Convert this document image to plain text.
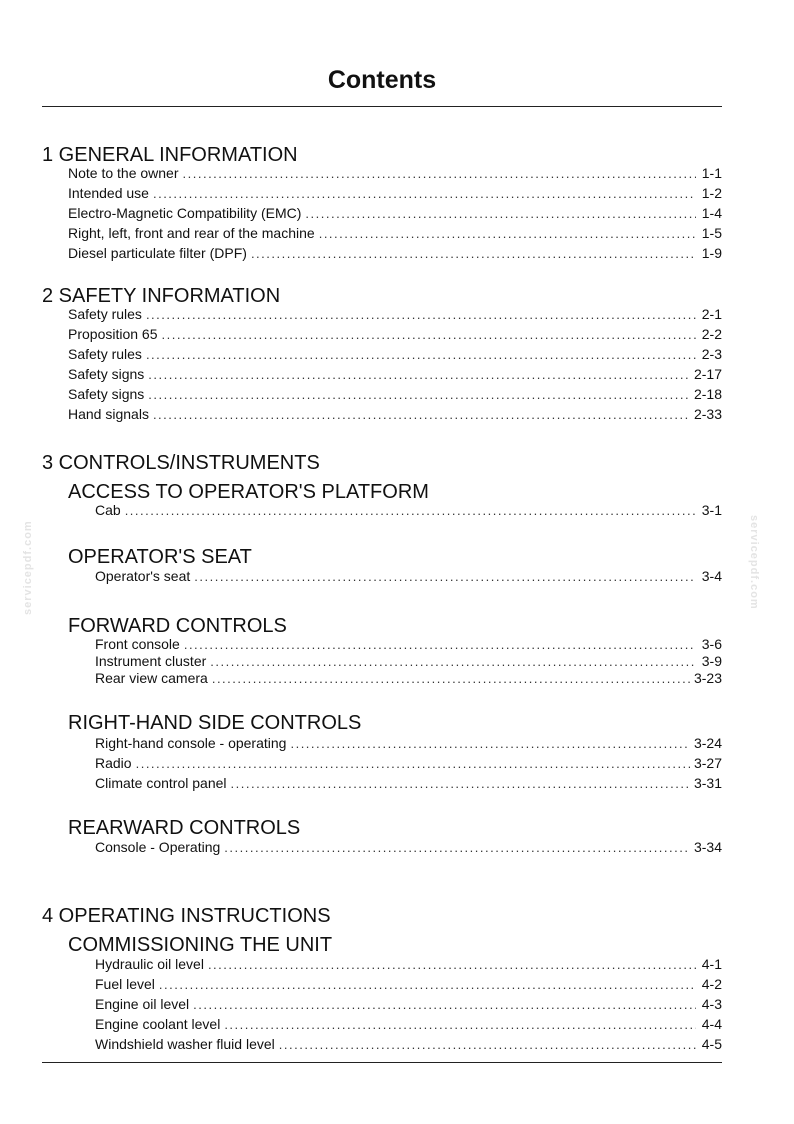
Contents
1 GENERAL INFORMATION
2 SAFETY INFORMATION
3 CONTROLS/INSTRUMENTS
ACCESS TO OPERATOR'S PLATFORM
OPERATOR'S SEAT
FORWARD CONTROLS
RIGHT-HAND SIDE CONTROLS
REARWARD CONTROLS
4 OPERATING INSTRUCTIONS
COMMISSIONING THE UNIT
Note to the owner .....	1-1
Intended use .....	1-2
Electro-Magnetic Compatibility (EMC) .....	1-4
Right, left, front and rear of the machine .....	1-5
Diesel particulate filter (DPF) .....	1-9
Safety rules .....	2-1
Proposition 65 .....	2-2
Safety rules .....	2-3
Safety signs .....	2-17
Safety signs .....	2-18
Hand signals .....	2-33
Cab .....	3-1
Operator's seat .....	3-4
Front console .....	3-6
Instrument cluster .....	3-9
Rear view camera .....	3-23
Right-hand console - operating .....	3-24
Radio .....	3-27
Climate control panel .....	3-31
Console - Operating .....	3-34
Hydraulic oil level .....	4-1
Fuel level .....	4-2
Engine oil level .....	4-3
Engine coolant level .....	4-4
Windshield washer fluid level .....	4-5
servicepdf.com	servicepdf.com
